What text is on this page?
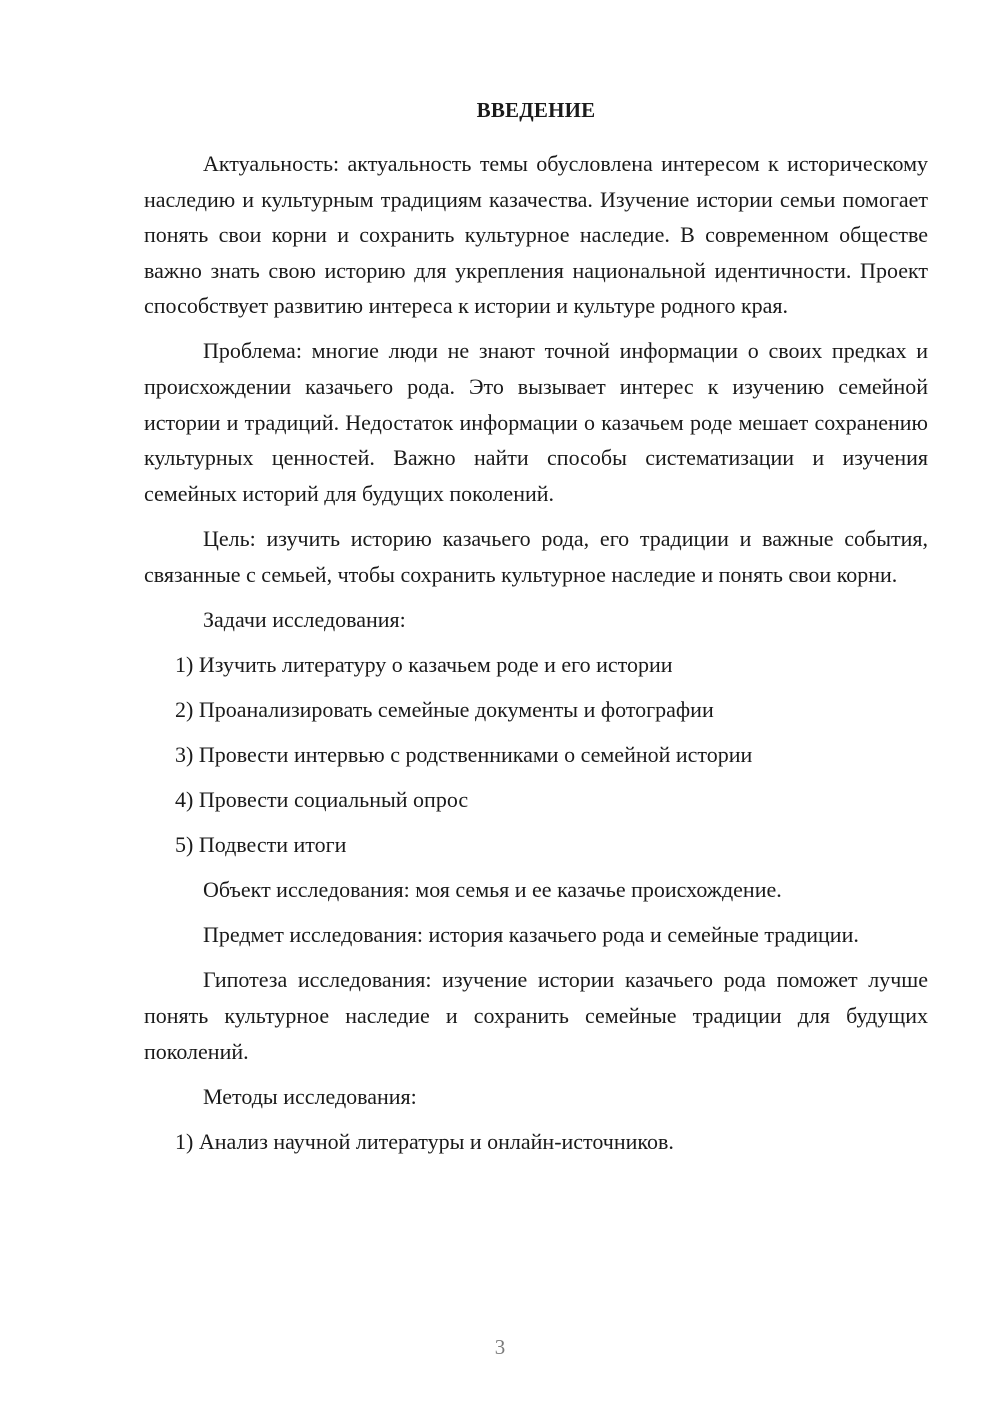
ВВЕДЕНИЕ

Актуальность: актуальность темы обусловлена интересом к историческому наследию и культурным традициям казачества. Изучение истории семьи помогает понять свои корни и сохранить культурное наследие. В современном обществе важно знать свою историю для укрепления национальной идентичности. Проект способствует развитию интереса к истории и культуре родного края.

Проблема: многие люди не знают точной информации о своих предках и происхождении казачьего рода. Это вызывает интерес к изучению семейной истории и традиций. Недостаток информации о казачьем роде мешает сохранению культурных ценностей. Важно найти способы систематизации и изучения семейных историй для будущих поколений.

Цель: изучить историю казачьего рода, его традиции и важные события, связанные с семьей, чтобы сохранить культурное наследие и понять свои корни.

Задачи исследования:
1) Изучить литературу о казачьем роде и его истории
2) Проанализировать семейные документы и фотографии
3) Провести интервью с родственниками о семейной истории
4) Провести социальный опрос
5) Подвести итоги

Объект исследования: моя семья и ее казачье происхождение.

Предмет исследования: история казачьего рода и семейные традиции.

Гипотеза исследования: изучение истории казачьего рода поможет лучше понять культурное наследие и сохранить семейные традиции для будущих поколений.

Методы исследования:
1) Анализ научной литературы и онлайн-источников.
3
